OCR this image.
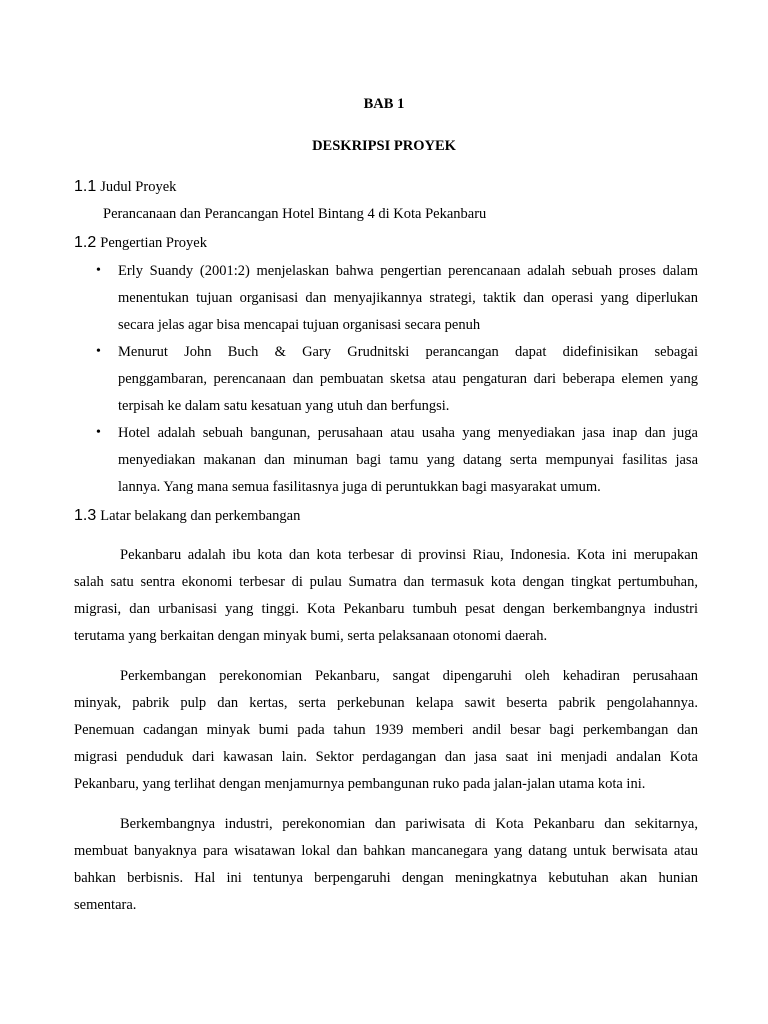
BAB 1
DESKRIPSI PROYEK
1.1 Judul Proyek
Perancanaan dan Perancangan Hotel Bintang 4 di Kota Pekanbaru
1.2 Pengertian Proyek
• Erly Suandy (2001:2) menjelaskan bahwa pengertian perencanaan adalah sebuah proses dalam
menentukan tujuan organisasi dan menyajikannya strategi, taktik dan operasi yang diperlukan
secara jelas agar bisa mencapai tujuan organisasi secara penuh
• Menurut John Buch & Gary Grudnitski perancangan dapat didefinisikan sebagai
penggambaran, perencanaan dan pembuatan sketsa atau pengaturan dari beberapa elemen yang
terpisah ke dalam satu kesatuan yang utuh dan berfungsi.
• Hotel adalah sebuah bangunan, perusahaan atau usaha yang menyediakan jasa inap dan juga
menyediakan makanan dan minuman bagi tamu yang datang serta mempunyai fasilitas jasa
lannya. Yang mana semua fasilitasnya juga di peruntukkan bagi masyarakat umum.
1.3 Latar belakang dan perkembangan
Pekanbaru adalah ibu kota dan kota terbesar di provinsi Riau, Indonesia. Kota ini merupakan
salah satu sentra ekonomi terbesar di pulau Sumatra dan termasuk kota dengan tingkat pertumbuhan,
migrasi, dan urbanisasi yang tinggi. Kota Pekanbaru tumbuh pesat dengan berkembangnya industri
terutama yang berkaitan dengan minyak bumi, serta pelaksanaan otonomi daerah.
Perkembangan perekonomian Pekanbaru, sangat dipengaruhi oleh kehadiran perusahaan
minyak, pabrik pulp dan kertas, serta perkebunan kelapa sawit beserta pabrik pengolahannya.
Penemuan cadangan minyak bumi pada tahun 1939 memberi andil besar bagi perkembangan dan
migrasi penduduk dari kawasan lain. Sektor perdagangan dan jasa saat ini menjadi andalan Kota
Pekanbaru, yang terlihat dengan menjamurnya pembangunan ruko pada jalan-jalan utama kota ini.
Berkembangnya industri, perekonomian dan pariwisata di Kota Pekanbaru dan sekitarnya,
membuat banyaknya para wisatawan lokal dan bahkan mancanegara yang datang untuk berwisata atau
bahkan berbisnis. Hal ini tentunya berpengaruhi dengan meningkatnya kebutuhan akan hunian
sementara.
